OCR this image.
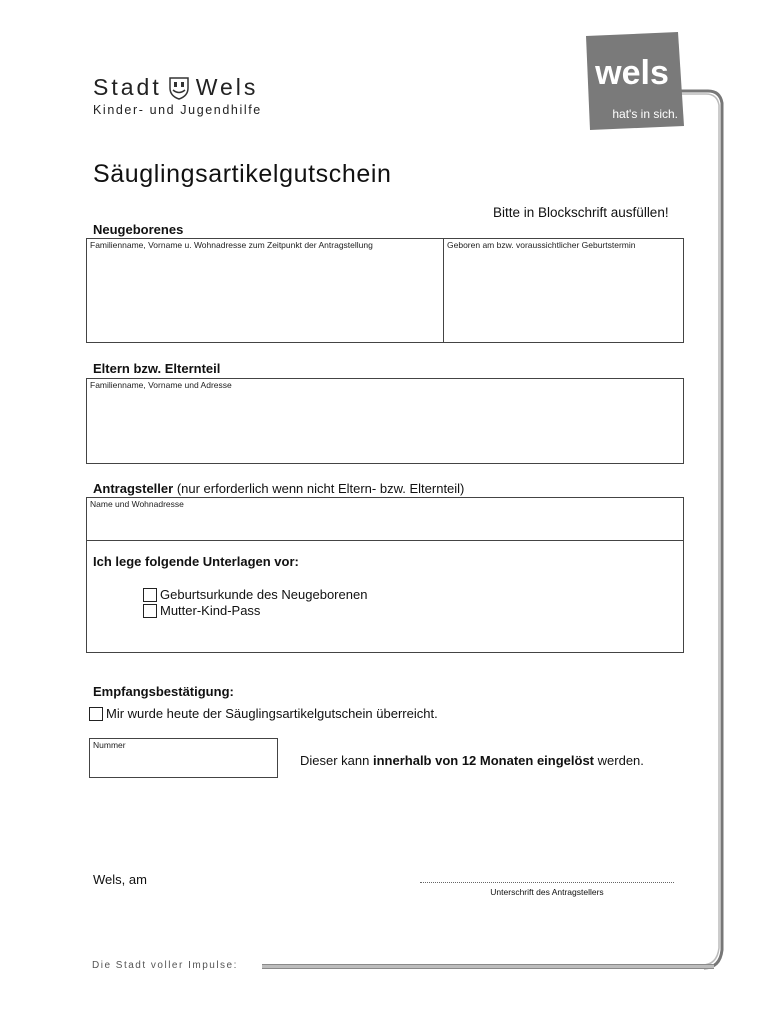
Stadt Wels
Kinder- und Jugendhilfe
wels
hat's in sich.
Säuglingsartikelgutschein
Bitte in Blockschrift ausfüllen!
Neugeborenes
Familienname, Vorname u. Wohnadresse zum Zeitpunkt der Antragstellung	Geboren am bzw. voraussichtlicher Geburtstermin
Eltern bzw. Elternteil
Familienname, Vorname und Adresse
Antragsteller (nur erforderlich wenn nicht Eltern- bzw. Elternteil)
Name und Wohnadresse
Ich lege folgende Unterlagen vor:
Geburtsurkunde des Neugeborenen
Mutter-Kind-Pass
Empfangsbestätigung:
Mir wurde heute der Säuglingsartikelgutschein überreicht.
Nummer
Dieser kann innerhalb von 12 Monaten eingelöst werden.
Wels, am
Unterschrift des Antragstellers
Die Stadt voller Impulse:
